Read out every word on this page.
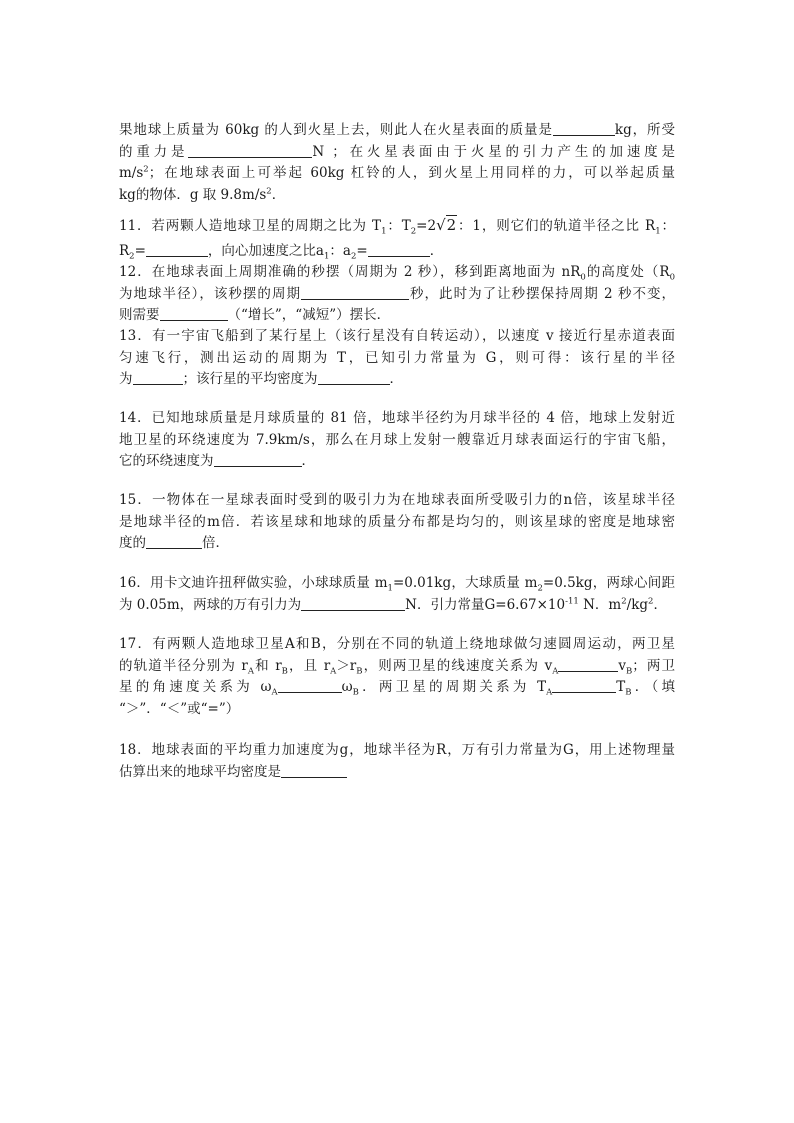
果地球上质量为 60kg 的人到火星上去，则此人在火星表面的质量是	kg，所受
的重力是	N ；在火星表面由于火星的引力产生的加速度是
$m/s^2$；在地球表面上可举起 60kg 杠铃的人，到火星上用同样的力，可以举起质量
kg的物体．g 取 $9.8m/s^2$．
11．若两颗人造地球卫星的周期之比为 $T_1$：$T_2=2√2$：1，则它们的轨道半径之比 $R_1$：
$R_2=$	，向心加速度之比$a_1$：$a_2=$	．
12．在地球表面上周期准确的秒摆（周期为 2 秒），移到距离地面为 $nR_0$的高度处（$R_0$
为地球半径），该秒摆的周期	秒，此时为了让秒摆保持周期 2 秒不变，
则需要	（“增长”，“减短”）摆长．
13．有一宇宙飞船到了某行星上（该行星没有自转运动），以速度 v 接近行星赤道表面
匀速飞行，测出运动的周期为 T，已知引力常量为 G，则可得：该行星的半径
为	；该行星的平均密度为	．
14．已知地球质量是月球质量的 81 倍，地球半径约为月球半径的 4 倍，地球上发射近
地卫星的环绕速度为 7.9km/s，那么在月球上发射一艘靠近月球表面运行的宇宙飞船，
它的环绕速度为	．
15．一物体在一星球表面时受到的吸引力为在地球表面所受吸引力的n倍，该星球半径
是地球半径的m倍．若该星球和地球的质量分布都是均匀的，则该星球的密度是地球密
度的	倍．
16．用卡文迪许扭秤做实验，小球球质量 $m_1=0.01kg$，大球质量 $m_2=0.5kg$，两球心间距
为 0.05m，两球的万有引力为	N．引力常量$G=6.67\times 10^{-11}$ N．$m^2/kg^2$．
17．有两颗人造地球卫星A和B，分别在不同的轨道上绕地球做匀速圆周运动，两卫星
的轨道半径分别为 $r_A$和 $r_B$，且 $r_A>r_B$，则两卫星的线速度关系为 $v_A$	$v_B$；两卫
星的角速度关系为 $\omega_A$	$\omega_B$．两卫星的周期关系为 $T_A$	$T_B$．（填
“＞”．“＜”或“=”）
18．地球表面的平均重力加速度为g，地球半径为R，万有引力常量为G，用上述物理量
估算出来的地球平均密度是
